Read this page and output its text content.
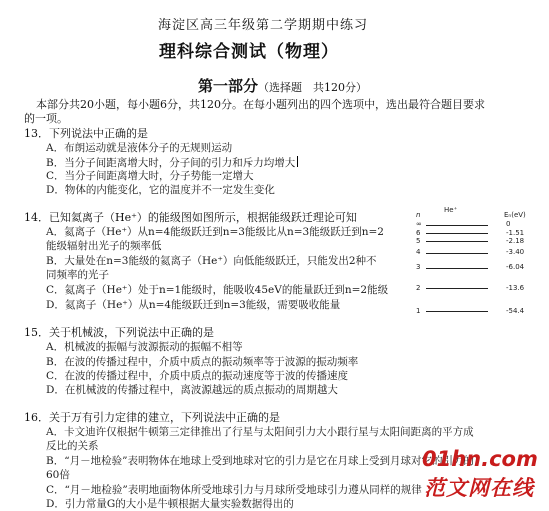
海淀区高三年级第二学期期中练习
理科综合测试（物理）
第一部分（选择题　共120分）
本部分共20小题，每小题6分，共120分。在每小题列出的四个选项中，选出最符合题目要求
的一项。
13．下列说法中正确的是
A．布朗运动就是液体分子的无规则运动
B．当分子间距离增大时，分子间的引力和斥力均增大
C．当分子间距离增大时，分子势能一定增大
D．物体的内能变化，它的温度并不一定发生变化
14．已知氦离子（He⁺）的能级图如图所示，根据能级跃迁理论可知
A．氦离子（He⁺）从n=4能级跃迁到n=3能级比从n=3能级跃迁到n=2
能级辐射出光子的频率低
B．大量处在n=3能级的氦离子（He⁺）向低能级跃迁，只能发出2种不
同频率的光子
C．氦离子（He⁺）处于n=1能级时，能吸收45eV的能量跃迁到n=2能级
D．氦离子（He⁺）从n=4能级跃迁到n=3能级，需要吸收能量
He⁺
n	Eₙ(eV)
∞	0
6	-1.51
5	-2.18
4	-3.40
3	-6.04
2	-13.6
1	-54.4
15．关于机械波，下列说法中正确的是
A．机械波的振幅与波源振动的振幅不相等
B．在波的传播过程中，介质中质点的振动频率等于波源的振动频率
C．在波的传播过程中，介质中质点的振动速度等于波的传播速度
D．在机械波的传播过程中，离波源越远的质点振动的周期越大
16．关于万有引力定律的建立，下列说法中正确的是
A．卡文迪许仅根据牛顿第三定律推出了行星与太阳间引力大小跟行星与太阳间距离的平方成
反比的关系
B．“月－地检验”表明物体在地球上受到地球对它的引力是它在月球上受到月球对它的引力的
60倍
C．“月－地检验”表明地面物体所受地球引力与月球所受地球引力遵从同样的规律
D．引力常量G的大小是牛顿根据大量实验数据得出的
01hn.com
范文网在线
